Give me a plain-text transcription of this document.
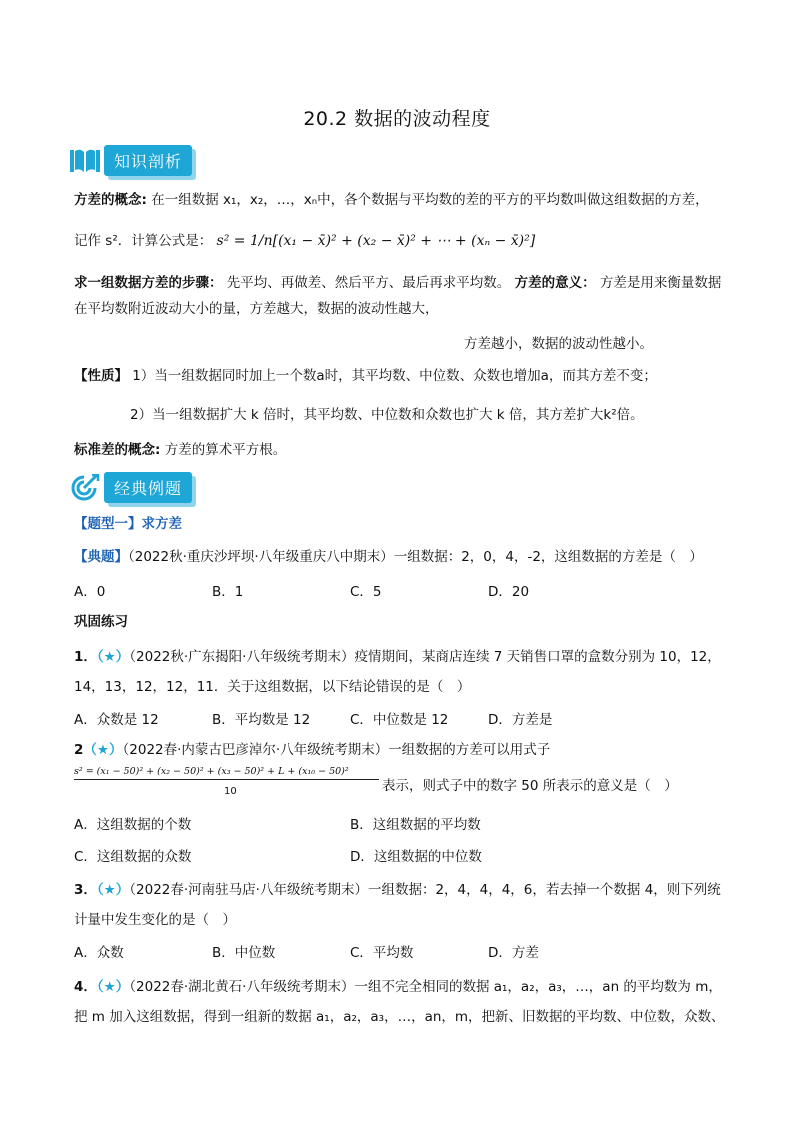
20.2 数据的波动程度
知识剖析
方差的概念: 在一组数据 x₁，x₂，…，xₙ中，各个数据与平均数的差的平方的平均数叫做这组数据的方差，
记作 s²．计算公式是： s² = 1/n[(x₁ − x̄)² + (x₂ − x̄)² + ⋯ + (xₙ − x̄)²]
求一组数据方差的步骤： 先平均、再做差、然后平方、最后再求平均数。 方差的意义： 方差是用来衡量数据在平均数附近波动大小的量，方差越大，数据的波动性越大，
方差越小，数据的波动性越小。
【性质】 1）当一组数据同时加上一个数a时，其平均数、中位数、众数也增加a，而其方差不变；
2）当一组数据扩大 k 倍时，其平均数、中位数和众数也扩大 k 倍，其方差扩大k²倍。
标准差的概念: 方差的算术平方根。
经典例题
【题型一】求方差
【典题】（2022秋·重庆沙坪坝·八年级重庆八中期末）一组数据：2，0，4，-2，这组数据的方差是（　）
A．0	B．1	C．5	D．20
巩固练习
1．（★）（2022秋·广东揭阳·八年级统考期末）疫情期间，某商店连续 7 天销售口罩的盒数分别为 10，12，
14，13，12，12，11．关于这组数据，以下结论错误的是（　）
A．众数是 12	B．平均数是 12	C．中位数是 12	D．方差是
2（★）（2022春·内蒙古巴彦淖尔·八年级统考期末）一组数据的方差可以用式子
s² = (x₁ − 50)² + (x₂ − 50)² + (x₃ − 50)² + L + (x₁₀ − 50)²
10	表示，则式子中的数字 50 所表示的意义是（　）
A．这组数据的个数	B．这组数据的平均数
C．这组数据的众数	D．这组数据的中位数
3．（★）（2022春·河南驻马店·八年级统考期末）一组数据：2，4，4，4，6，若去掉一个数据 4，则下列统
计量中发生变化的是（　）
A．众数	B．中位数	C．平均数	D．方差
4．（★）（2022春·湖北黄石·八年级统考期末）一组不完全相同的数据 a₁，a₂，a₃，…，an 的平均数为 m，
把 m 加入这组数据，得到一组新的数据 a₁，a₂，a₃，…，an，m，把新、旧数据的平均数、中位数，众数、
